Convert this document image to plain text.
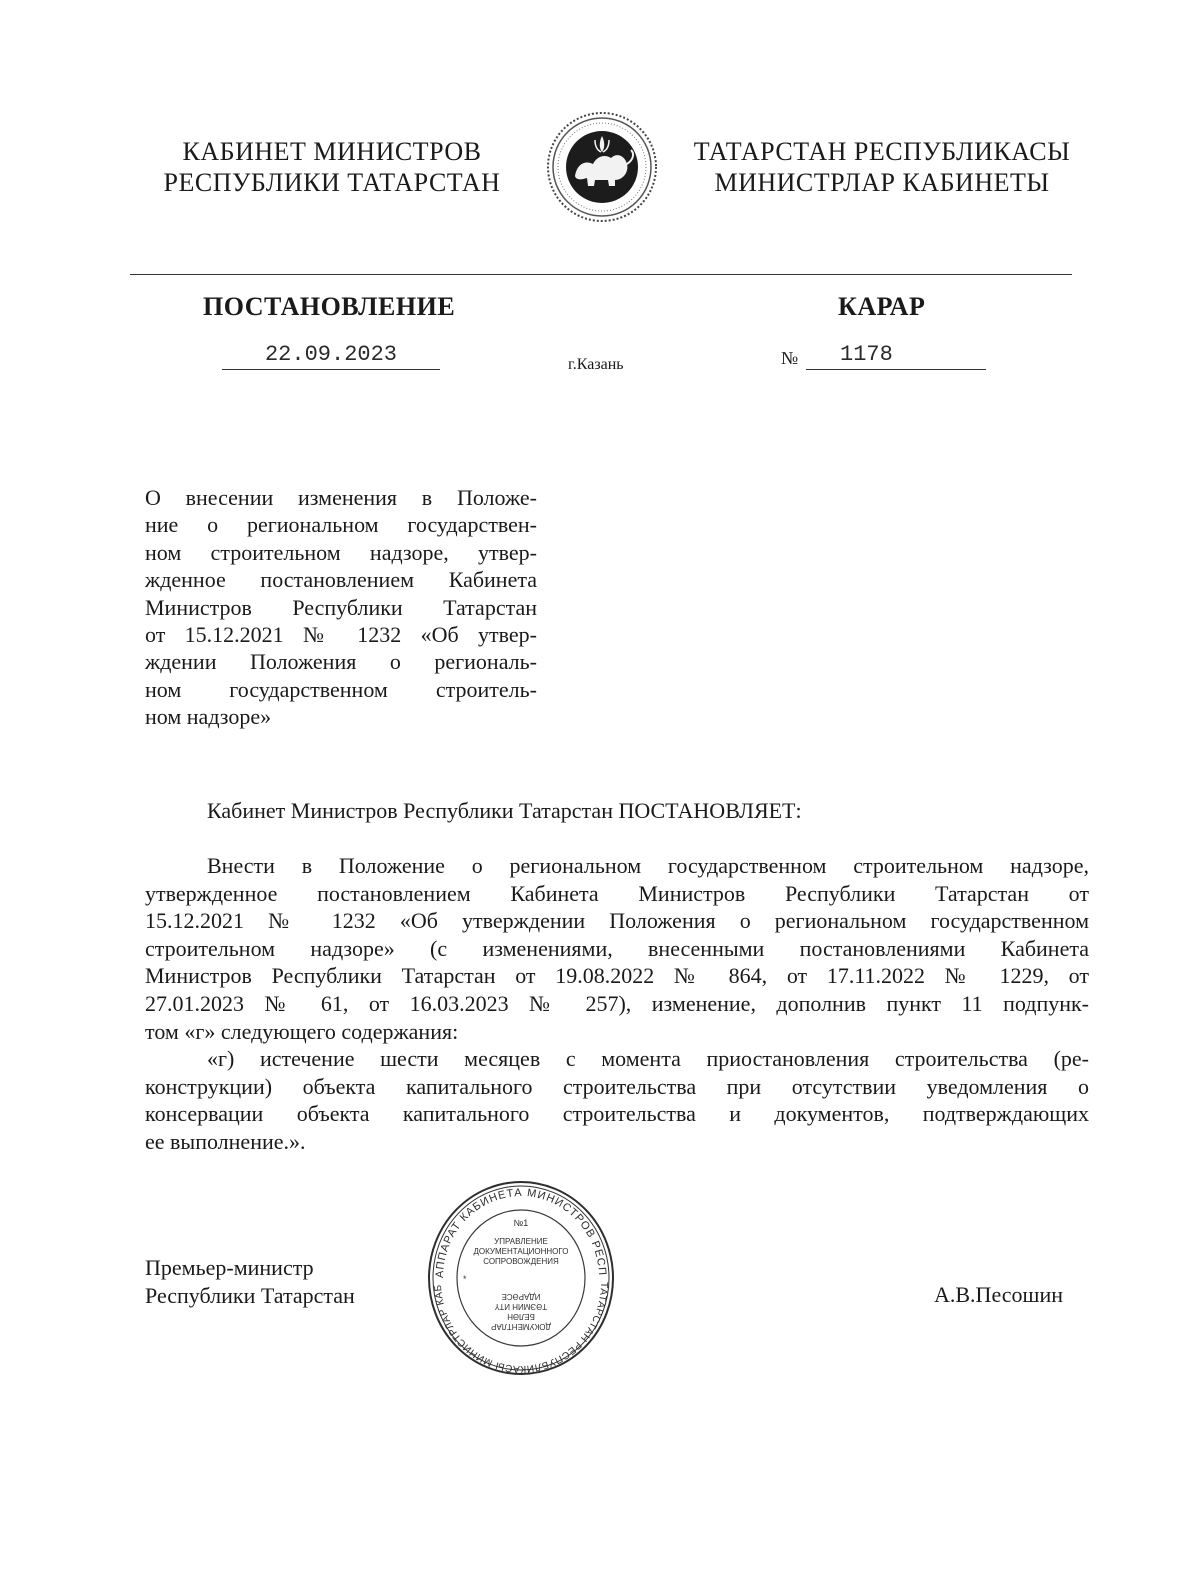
КАБИНЕТ МИНИСТРОВ
РЕСПУБЛИКИ ТАТАРСТАН
ТАТАРСТАН РЕСПУБЛИКАСЫ
МИНИСТРЛАР КАБИНЕТЫ
ПОСТАНОВЛЕНИЕ	КАРАР
22.09.2023	г.Казань	№	1178
О внесении изменения в Положе-
ние о региональном государствен-
ном строительном надзоре, утвер-
жденное постановлением Кабинета
Министров Республики Татарстан
от 15.12.2021 № 1232 «Об утвер-
ждении Положения о региональ-
ном государственном строитель-
ном надзоре»
Кабинет Министров Республики Татарстан ПОСТАНОВЛЯЕТ:
Внести в Положение о региональном государственном строительном надзоре,
утвержденное постановлением Кабинета Министров Республики Татарстан от
15.12.2021 № 1232 «Об утверждении Положения о региональном государственном
строительном надзоре» (с изменениями, внесенными постановлениями Кабинета
Министров Республики Татарстан от 19.08.2022 № 864, от 17.11.2022 № 1229, от
27.01.2023 № 61, от 16.03.2023 № 257), изменение, дополнив пункт 11 подпунк-
том «г» следующего содержания:
«г) истечение шести месяцев с момента приостановления строительства (ре-
конструкции) объекта капитального строительства при отсутствии уведомления о
консервации объекта капитального строительства и документов, подтверждающих
ее выполнение.».
Премьер-министр
Республики Татарстан	А.В.Песошин
АППАРАТ КАБИНЕТА МИНИСТРОВ РЕСП
ТАТАРСТАН РЕСПУБЛИКАСЫ МИНИСТРЛАР КАБ
№1
УПРАВЛЕНИЕ
ДОКУМЕНТАЦИОННОГО
СОПРОВОЖДЕНИЯ
ДОКУМЕНТЛАР
БЕЛӘН
ТӘЭМИН ИТҮ
ИДАРӘСЕ
*
